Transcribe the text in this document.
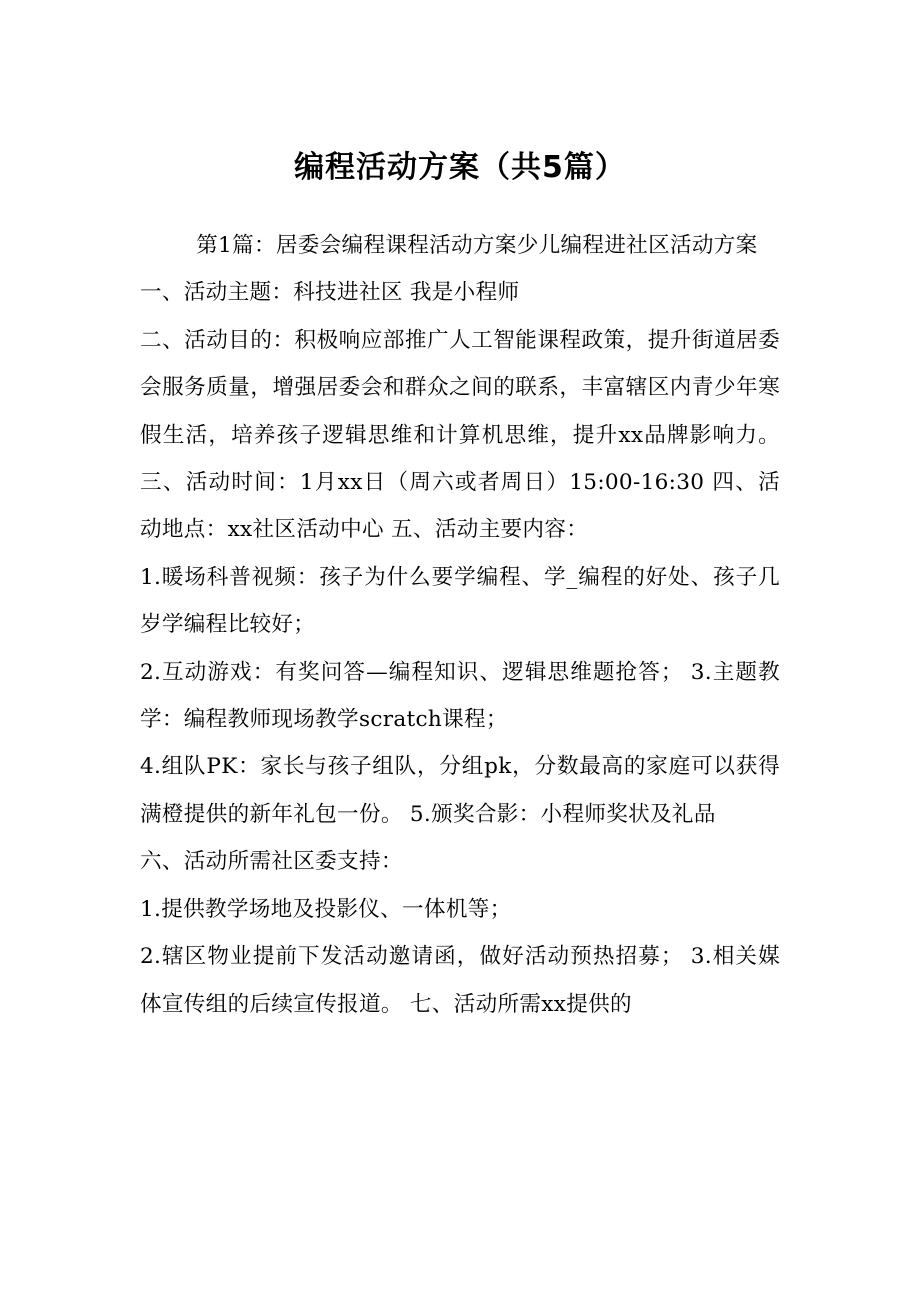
编程活动方案（共5篇）

第1篇：居委会编程课程活动方案少儿编程进社区活动方案

一、活动主题：科技进社区 我是小程师

二、活动目的：积极响应部推广人工智能课程政策，提升街道居委会服务质量，增强居委会和群众之间的联系，丰富辖区内青少年寒假生活，培养孩子逻辑思维和计算机思维，提升xx品牌影响力。 三、活动时间：1月xx日（周六或者周日）15:00-16:30 四、活动地点：xx社区活动中心 五、活动主要内容：

1.暖场科普视频：孩子为什么要学编程、学_编程的好处、孩子几岁学编程比较好；

2.互动游戏：有奖问答—编程知识、逻辑思维题抢答； 3.主题教学：编程教师现场教学scratch课程；

4.组队PK：家长与孩子组队，分组pk，分数最高的家庭可以获得满橙提供的新年礼包一份。 5.颁奖合影：小程师奖状及礼品

六、活动所需社区委支持：

1.提供教学场地及投影仪、一体机等；

2.辖区物业提前下发活动邀请函，做好活动预热招募； 3.相关媒体宣传组的后续宣传报道。 七、活动所需xx提供的
